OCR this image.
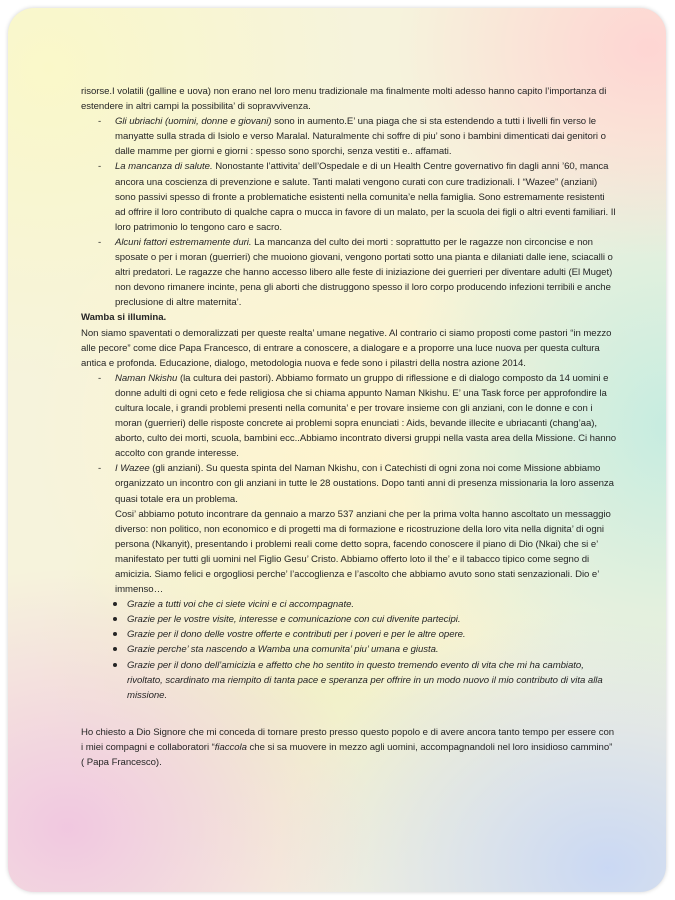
risorse.I volatili (galline e uova) non erano nel loro menu tradizionale ma finalmente molti adesso hanno capito l’importanza di estendere in altri campi la possibilita’ di sopravvivenza.

- Gli ubriachi (uomini, donne e giovani) sono in aumento.E’ una piaga che si sta estendendo a tutti i livelli fin verso le manyatte sulla strada di Isiolo e verso Maralal. Naturalmente chi soffre di piu’ sono i bambini dimenticati dai genitori o dalle mamme per giorni e giorni : spesso sono sporchi, senza vestiti e.. affamati.
- La mancanza di salute. Nonostante l’attivita’ dell’Ospedale e di un Health Centre governativo fin dagli anni ’60, manca ancora una coscienza di prevenzione e salute. Tanti malati vengono curati con cure tradizionali. I “Wazee” (anziani) sono passivi spesso di fronte a problematiche esistenti nella comunita’e nella famiglia. Sono estremamente resistenti ad offrire il loro contributo di qualche capra o mucca in favore di un malato, per la scuola dei figli o altri eventi familiari. Il loro patrimonio lo tengono caro e sacro.
- Alcuni fattori estremamente duri. La mancanza del culto dei morti : soprattutto per le ragazze non circoncise e non sposate o per i moran (guerrieri) che muoiono giovani, vengono portati sotto una pianta e dilaniati dalle iene, sciacalli o altri predatori. Le ragazze che hanno accesso libero alle feste di iniziazione dei guerrieri per diventare adulti (El Muget) non devono rimanere incinte, pena gli aborti che distruggono spesso il loro corpo producendo infezioni terribili e anche preclusione di altre maternita’.

Wamba si illumina.

Non siamo spaventati o demoralizzati per queste realta’ umane negative. Al contrario ci siamo proposti come pastori “in mezzo alle pecore” come dice Papa Francesco, di entrare a conoscere, a dialogare e a proporre una luce nuova per questa cultura antica e profonda. Educazione, dialogo, metodologia nuova e fede sono i pilastri della nostra azione 2014.

- Naman Nkishu (la cultura dei pastori). Abbiamo formato un gruppo di riflessione e di dialogo composto da 14 uomini e donne adulti di ogni ceto e fede religiosa che si chiama appunto Naman Nkishu. E’ una Task force per approfondire la cultura locale, i grandi problemi presenti nella comunita’ e per trovare insieme con gli anziani, con le donne e con i moran (guerrieri) delle risposte concrete ai problemi sopra enunciati : Aids, bevande illecite e ubriacanti (chang’aa), aborto, culto dei morti, scuola, bambini ecc..Abbiamo incontrato diversi gruppi nella vasta area della Missione. Ci hanno accolto con grande interesse.
- I Wazee (gli anziani). Su questa spinta del Naman Nkishu, con i Catechisti di ogni zona noi come Missione abbiamo organizzato un incontro con gli anziani in tutte le 28 oustations. Dopo tanti anni di presenza missionaria la loro assenza quasi totale era un problema.

Cosi’ abbiamo potuto incontrare da gennaio a marzo 537 anziani che per la prima volta hanno ascoltato un messaggio diverso: non politico, non economico e di progetti ma di formazione e ricostruzione della loro vita nella dignita’ di ogni persona (Nkanyit), presentando i problemi reali come detto sopra, facendo conoscere il piano di Dio (Nkai) che si e’ manifestato per tutti gli uomini nel Figlio Gesu’ Cristo. Abbiamo offerto loto il the’ e il tabacco tipico come segno di amicizia. Siamo felici e orgogliosi perche’ l’accoglienza e l’ascolto che abbiamo avuto sono stati senzazionali. Dio e’ immenso…

Grazie a tutti voi che ci siete vicini e ci accompagnate.
Grazie per le vostre visite, interesse e comunicazione con cui divenite partecipi.
Grazie per il dono delle vostre offerte e contributi per i poveri e per le altre opere.
Grazie perche’ sta nascendo a Wamba una comunita’ piu’ umana e giusta.
Grazie per il dono dell’amicizia e affetto che ho sentito in questo tremendo evento di vita che mi ha cambiato, rivoltato, scardinato ma riempito di tanta pace e speranza per offrire in un modo nuovo il mio contributo di vita alla missione.

Ho chiesto a Dio Signore che mi conceda di tornare presto presso questo popolo e di avere ancora tanto tempo per essere con i miei compagni e collaboratori “fiaccola che si sa muovere in mezzo agli uomini, accompagnandoli nel loro insidioso cammino” ( Papa Francesco).
